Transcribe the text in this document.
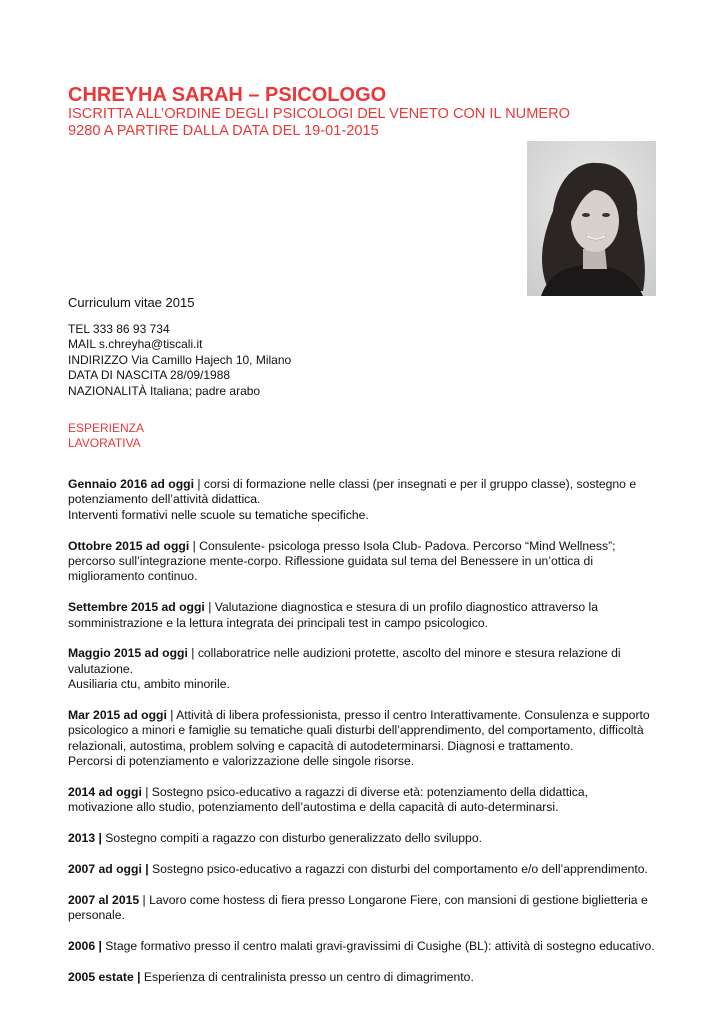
CHREYHA SARAH – PSICOLOGO
ISCRITTA ALL’ORDINE DEGLI PSICOLOGI DEL VENETO CON IL NUMERO
9280 A PARTIRE DALLA DATA DEL 19-01-2015
Curriculum vitae 2015
TEL 333 86 93 734
MAIL s.chreyha@tiscali.it
INDIRIZZO Via Camillo Hajech 10, Milano
DATA DI NASCITA 28/09/1988
NAZIONALITÀ Italiana; padre arabo
ESPERIENZA
LAVORATIVA
Gennaio 2016 ad oggi | corsi di formazione nelle classi (per insegnati e per il gruppo classe), sostegno e
potenziamento dell’attività didattica.
Interventi formativi nelle scuole su tematiche specifiche.
Ottobre 2015 ad oggi | Consulente- psicologa presso Isola Club- Padova. Percorso “Mind Wellness”;
percorso sull’integrazione mente-corpo. Riflessione guidata sul tema del Benessere in un’ottica di
miglioramento continuo.
Settembre 2015 ad oggi | Valutazione diagnostica e stesura di un profilo diagnostico attraverso la
somministrazione e la lettura integrata dei principali test in campo psicologico.
Maggio 2015 ad oggi | collaboratrice nelle audizioni protette, ascolto del minore e stesura relazione di
valutazione.
Ausiliaria ctu, ambito minorile.
Mar 2015 ad oggi | Attività di libera professionista, presso il centro Interattivamente. Consulenza e supporto
psicologico a minori e famiglie su tematiche quali disturbi dell’apprendimento, del comportamento, difficoltà
relazionali, autostima, problem solving e capacità di autodeterminarsi. Diagnosi e trattamento.
Percorsi di potenziamento e valorizzazione delle singole risorse.
2014 ad oggi | Sostegno psico-educativo a ragazzi di diverse età: potenziamento della didattica,
motivazione allo studio, potenziamento dell’autostima e della capacità di auto-determinarsi.
2013 | Sostegno compiti a ragazzo con disturbo generalizzato dello sviluppo.
2007 ad oggi | Sostegno psico-educativo a ragazzi con disturbi del comportamento e/o dell’apprendimento.
2007 al 2015 | Lavoro come hostess di fiera presso Longarone Fiere, con mansioni di gestione biglietteria e
personale.
2006 | Stage formativo presso il centro malati gravi-gravissimi di Cusighe (BL): attività di sostegno educativo.
2005 estate | Esperienza di centralinista presso un centro di dimagrimento.
